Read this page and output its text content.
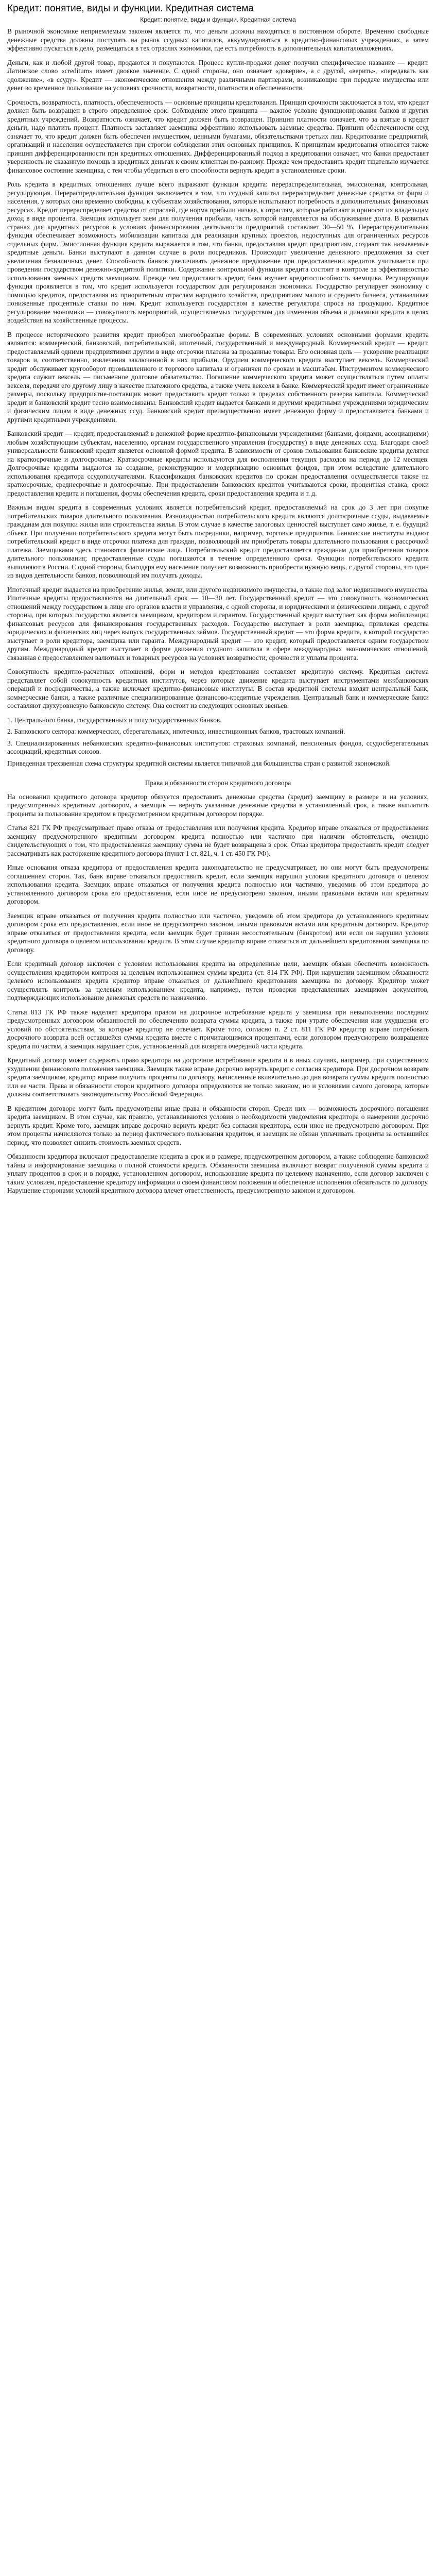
Кредит: понятие, виды и функции. Кредитная система
Кредит: понятие, виды и функции. Кредитная система

В рыночной экономике неприемлемым законом является то, что деньги должны находиться в постоянном обороте. Временно свободные денежные средства должны поступать на рынок ссудных капиталов, аккумулироваться в кредитно-финансовых учреждениях, а затем эффективно пускаться в дело, размещаться в тех отраслях экономики, где есть потребность в дополнительных капиталовложениях.

Деньги, как и любой другой товар, продаются и покупаются. Процесс купли-продажи денег получил специфическое название — кредит. Латинское слово «creditum» имеет двоякое значение. С одной стороны, оно означает «доверие», а с другой, «верить», «передавать как одолжение», «в ссуду». Кредит — экономические отношения между различными партнерами, возникающие при передаче имущества или денег во временное пользование на условиях срочности, возвратности, платности и обеспеченности.

Срочность, возвратность, платность, обеспеченность — основные принципы кредитования. Принцип срочности заключается в том, что кредит должен быть возвращен в строго определенное срок. Соблюдение этого принципа — важное условие функционирования банков и других кредитных учреждений. Возвратность означает, что кредит должен быть возвращен. Принцип платности означает, что за взятые в кредит деньги, надо платить процент. Платность заставляет заемщика эффективно использовать заемные средства. Принцип обеспеченности ссуд означает то, что кредит должен быть обеспечен имуществом, ценными бумагами, обязательствами третьих лиц. Кредитование предприятий, организаций и населения осуществляется при строгом соблюдении этих основных принципов. К принципам кредитования относятся также принцип дифференцированности при кредитных отношениях. Дифференцированный подход в кредитовании означает, что банки предоставят уверенность не сказанную помощь в кредитных деньгах к своим клиентам по-разному. Прежде чем предоставить кредит тщательно изучается финансовое состояние заемщика, с тем чтобы убедиться в его способности вернуть кредит в установленные сроки.

Роль кредита в кредитных отношениях лучше всего выражают функции кредита: перераспределительная, эмиссионная, контрольная, регулирующая. Перераспределительная функция заключается в том, что ссудный капитал перераспределяет денежные средства от фирм и населения, у которых они временно свободны, к субъектам хозяйствования, которые испытывают потребность в дополнительных финансовых ресурсах. Кредит перераспределяет средства от отраслей, где норма прибыли низкая, к отраслям, которые работают и приносят их владельцам доход в виде процента. Заемщик использует заем для получения прибыли, часть которой направляется на обслуживание долга. В развитых странах для кредитных ресурсов в условиях финансирования деятельности предприятий составляет 30—50 %. Перераспределительная функция обеспечивает возможность мобилизации капитала для реализации крупных проектов, недоступных для ограниченных ресурсов отдельных фирм. Эмиссионная функция кредита выражается в том, что банки, предоставляя кредит предприятиям, создают так называемые кредитные деньги. Банки выступают в данном случае в роли посредников. Происходит увеличение денежного предложения за счет увеличения безналичных денег. Способность банков увеличивать денежное предложение при предоставлении кредитов учитывается при проведении государством денежно-кредитной политики. Содержание контрольной функции кредита состоит в контроле за эффективностью использования заемных средств заемщиком. Прежде чем предоставить кредит, банк изучает кредитоспособность заемщика. Регулирующая функция проявляется в том, что кредит используется государством для регулирования экономики. Государство регулирует экономику с помощью кредитов, предоставляя их приоритетным отраслям народного хозяйства, предприятиям малого и среднего бизнеса, устанавливая пониженные процентные ставки по ним. Кредит используется государством в качестве регулятора спроса на продукцию. Кредитное регулирование экономики — совокупность мероприятий, осуществляемых государством для изменения объема и динамики кредита в целях воздействия на хозяйственные процессы.

В процессе исторического развития кредит приобрел многообразные формы. В современных условиях основными формами кредита являются: коммерческий, банковский, потребительский, ипотечный, государственный и международный. Коммерческий кредит — кредит, предоставляемый одними предприятиями другим в виде отсрочки платежа за проданные товары. Его основная цель — ускорение реализации товаров и, соответственно, извлечения заключенной в них прибыли. Орудием коммерческого кредита выступает вексель. Коммерческий кредит обслуживает кругооборот промышленного и торгового капитала и ограничен по срокам и масштабам. Инструментом коммерческого кредита служит вексель — письменное долговое обязательство. Погашение коммерческого кредита может осуществляться путем оплаты векселя, передачи его другому лицу в качестве платежного средства, а также учета векселя в банке. Коммерческий кредит имеет ограниченные размеры, поскольку предприятие-поставщик может предоставить кредит только в пределах собственного резерва капитала. Коммерческий кредит и банковский кредит тесно взаимосвязаны. Банковский кредит выдается банками и другими кредитными учреждениями юридическим и физическим лицам в виде денежных ссуд. Банковский кредит преимущественно имеет денежную форму и предоставляется банками и другими кредитными учреждениями.

Банковский кредит — кредит, предоставляемый в денежной форме кредитно-финансовыми учреждениями (банками, фондами, ассоциациями) любым хозяйствующим субъектам, населению, органам государственного управления (государству) в виде денежных ссуд. Благодаря своей универсальности банковский кредит является основной формой кредита. В зависимости от сроков пользования банковские кредиты делятся на краткосрочные и долгосрочные. Краткосрочные кредиты используются для восполнения текущих расходов на период до 12 месяцев. Долгосрочные кредиты выдаются на создание, реконструкцию и модернизацию основных фондов, при этом вследствие длительного использования кредитора ссудополучателями. Классификация банковских кредитов по срокам предоставления осуществляется также на краткосрочные, среднесрочные и долгосрочные. При предоставлении банковских кредитов учитываются сроки, процентная ставка, сроки предоставления кредита и погашения, формы обеспечения кредита, сроки предоставления кредита и т. д.

Важным видом кредита в современных условиях является потребительский кредит, предоставляемый на срок до 3 лет при покупке потребительских товаров длительного пользования. Разновидностью потребительского кредита являются долгосрочные ссуды, выдаваемые гражданам для покупки жилья или строительства жилья. В этом случае в качестве залоговых ценностей выступает само жилье, т. е. будущий объект. При получении потребительского кредита могут быть посредники, например, торговые предприятия. Банковские институты выдают потребительский кредит в виде отсрочки платежа для граждан, позволяющий им приобретать товары длительного пользования с рассрочкой платежа. Заемщиками здесь становятся физические лица. Потребительский кредит предоставляется гражданам для приобретения товаров длительного пользования; предоставленные ссуды погашаются в течение определенного срока. Функции потребительского кредита выполняют в России. С одной стороны, благодаря ему население получает возможность приобрести нужную вещь, с другой стороны, это один из видов деятельности банков, позволяющий им получать доходы.

Ипотечный кредит выдается на приобретение жилья, земли, или другого недвижимого имущества, в также под залог недвижимого имущества. Ипотечные кредиты предоставляются на длительный срок — 10—30 лет. Государственный кредит — это совокупность экономических отношений между государством в лице его органов власти и управления, с одной стороны, и юридическими и физическими лицами, с другой стороны, при которых государство является заемщиком, кредитором и гарантом. Государственный кредит выступает как форма мобилизации финансовых ресурсов для финансирования государственных расходов. Государство выступает в роли заемщика, привлекая средства юридических и физических лиц через выпуск государственных займов. Государственный кредит — это форма кредита, в которой государство выступает в роли кредитора, заемщика или гаранта. Международный кредит — это кредит, который предоставляется одним государством другим. Международный кредит выступает в форме движения ссудного капитала в сфере международных экономических отношений, связанная с предоставлением валютных и товарных ресурсов на условиях возвратности, срочности и уплаты процента.

Совокупность кредитно-расчетных отношений, форм и методов кредитования составляет кредитную систему. Кредитная система представляет собой совокупность кредитных институтов, через которые движение кредита выступает инструментами межбанковских операций и посредничества, а также включает кредитно-финансовые институты. В состав кредитной системы входят центральный банк, коммерческие банки, а также различные специализированные финансово-кредитные учреждения. Центральный банк и коммерческие банки составляют двухуровневую банковскую систему. Она состоит из следующих основных звеньев:

1. Центрального банка, государственных и полугосударственных банков.

2. Банковского сектора: коммерческих, сберегательных, ипотечных, инвестиционных банков, трастовых компаний.

3. Специализированных небанковских кредитно-финансовых институтов: страховых компаний, пенсионных фондов, ссудосберегательных ассоциаций, кредитных союзов.

Приведенная трехзвенная схема структуры кредитной системы является типичной для большинства стран с развитой экономикой.

Права и обязанности сторон кредитного договора

На основании кредитного договора кредитор обязуется предоставить денежные средства (кредит) заемщику в размере и на условиях, предусмотренных кредитным договором, а заемщик — вернуть указанные денежные средства в установленный срок, а также выплатить проценты за пользование кредитом в предусмотренном кредитным договором порядке.

Статья 821 ГК РФ предусматривает право отказа от предоставления или получения кредита. Кредитор вправе отказаться от предоставления заемщику предусмотренного кредитным договором кредита полностью или частично при наличии обстоятельств, очевидно свидетельствующих о том, что предоставленная заемщику сумма не будет возвращена в срок. Отказ кредитора предоставить кредит следует рассматривать как расторжение кредитного договора (пункт 1 ст. 821, ч. 1 ст. 450 ГК РФ).

Иные основания отказа кредитора от предоставления кредита законодательство не предусматривает, но они могут быть предусмотрены соглашением сторон. Так, банк вправе отказаться предоставить кредит, если заемщик нарушил условия кредитного договора о целевом использовании кредита. Заемщик вправе отказаться от получения кредита полностью или частично, уведомив об этом кредитора до установленного договором срока его предоставления, если иное не предусмотрено законом, иными правовыми актами или кредитным договором.

Заемщик вправе отказаться от получения кредита полностью или частично, уведомив об этом кредитора до установленного кредитным договором срока его предоставления, если иное не предусмотрено законом, иными правовыми актами или кредитным договором. Кредитор вправе отказаться от предоставления кредита, если заемщик будет признан несостоятельным (банкротом) или если он нарушил условия кредитного договора о целевом использовании кредита. В этом случае кредитор вправе отказаться от дальнейшего кредитования заемщика по договору.

Если кредитный договор заключен с условием использования кредита на определенные цели, заемщик обязан обеспечить возможность осуществления кредитором контроля за целевым использованием суммы кредита (ст. 814 ГК РФ). При нарушении заемщиком обязанности целевого использования кредита кредитор вправе отказаться от дальнейшего кредитования заемщика по договору. Кредитор может осуществлять контроль за целевым использованием кредита, например, путем проверки представленных заемщиком документов, подтверждающих использование денежных средств по назначению.

Статья 813 ГК РФ также наделяет кредитора правом на досрочное истребование кредита у заемщика при невыполнении последним предусмотренных договором обязанностей по обеспечению возврата суммы кредита, а также при утрате обеспечения или ухудшения его условий по обстоятельствам, за которые кредитор не отвечает. Кроме того, согласно п. 2 ст. 811 ГК РФ кредитор вправе потребовать досрочного возврата всей оставшейся суммы кредита вместе с причитающимися процентами, если договором предусмотрено возвращение кредита по частям, а заемщик нарушает срок, установленный для возврата очередной части кредита.

Кредитный договор может содержать право кредитора на досрочное истребование кредита и в иных случаях, например, при существенном ухудшении финансового положения заемщика. Заемщик также вправе досрочно вернуть кредит с согласия кредитора. При досрочном возврате кредита заемщиком, кредитор вправе получить проценты по договору, начисленные включительно до дня возврата суммы кредита полностью или ее части. Права и обязанности сторон кредитного договора определяются не только законом, но и условиями самого договора, которые должны соответствовать законодательству Российской Федерации.

В кредитном договоре могут быть предусмотрены иные права и обязанности сторон. Среди них — возможность досрочного погашения кредита заемщиком. В этом случае, как правило, устанавливаются условия о необходимости уведомления кредитора о намерении досрочно вернуть кредит. Кроме того, заемщик вправе досрочно вернуть кредит без согласия кредитора, если иное не предусмотрено договором. При этом проценты начисляются только за период фактического пользования кредитом, и заемщик не обязан уплачивать проценты за оставшийся период, что позволяет снизить стоимость заемных средств.

Обязанности кредитора включают предоставление кредита в срок и в размере, предусмотренном договором, а также соблюдение банковской тайны и информирование заемщика о полной стоимости кредита. Обязанности заемщика включают возврат полученной суммы кредита и уплату процентов в срок и в порядке, установленном договором, использование кредита по целевому назначению, если договор заключен с таким условием, предоставление кредитору информации о своем финансовом положении и обеспечение исполнения обязательств по договору. Нарушение сторонами условий кредитного договора влечет ответственность, предусмотренную законом и договором.
